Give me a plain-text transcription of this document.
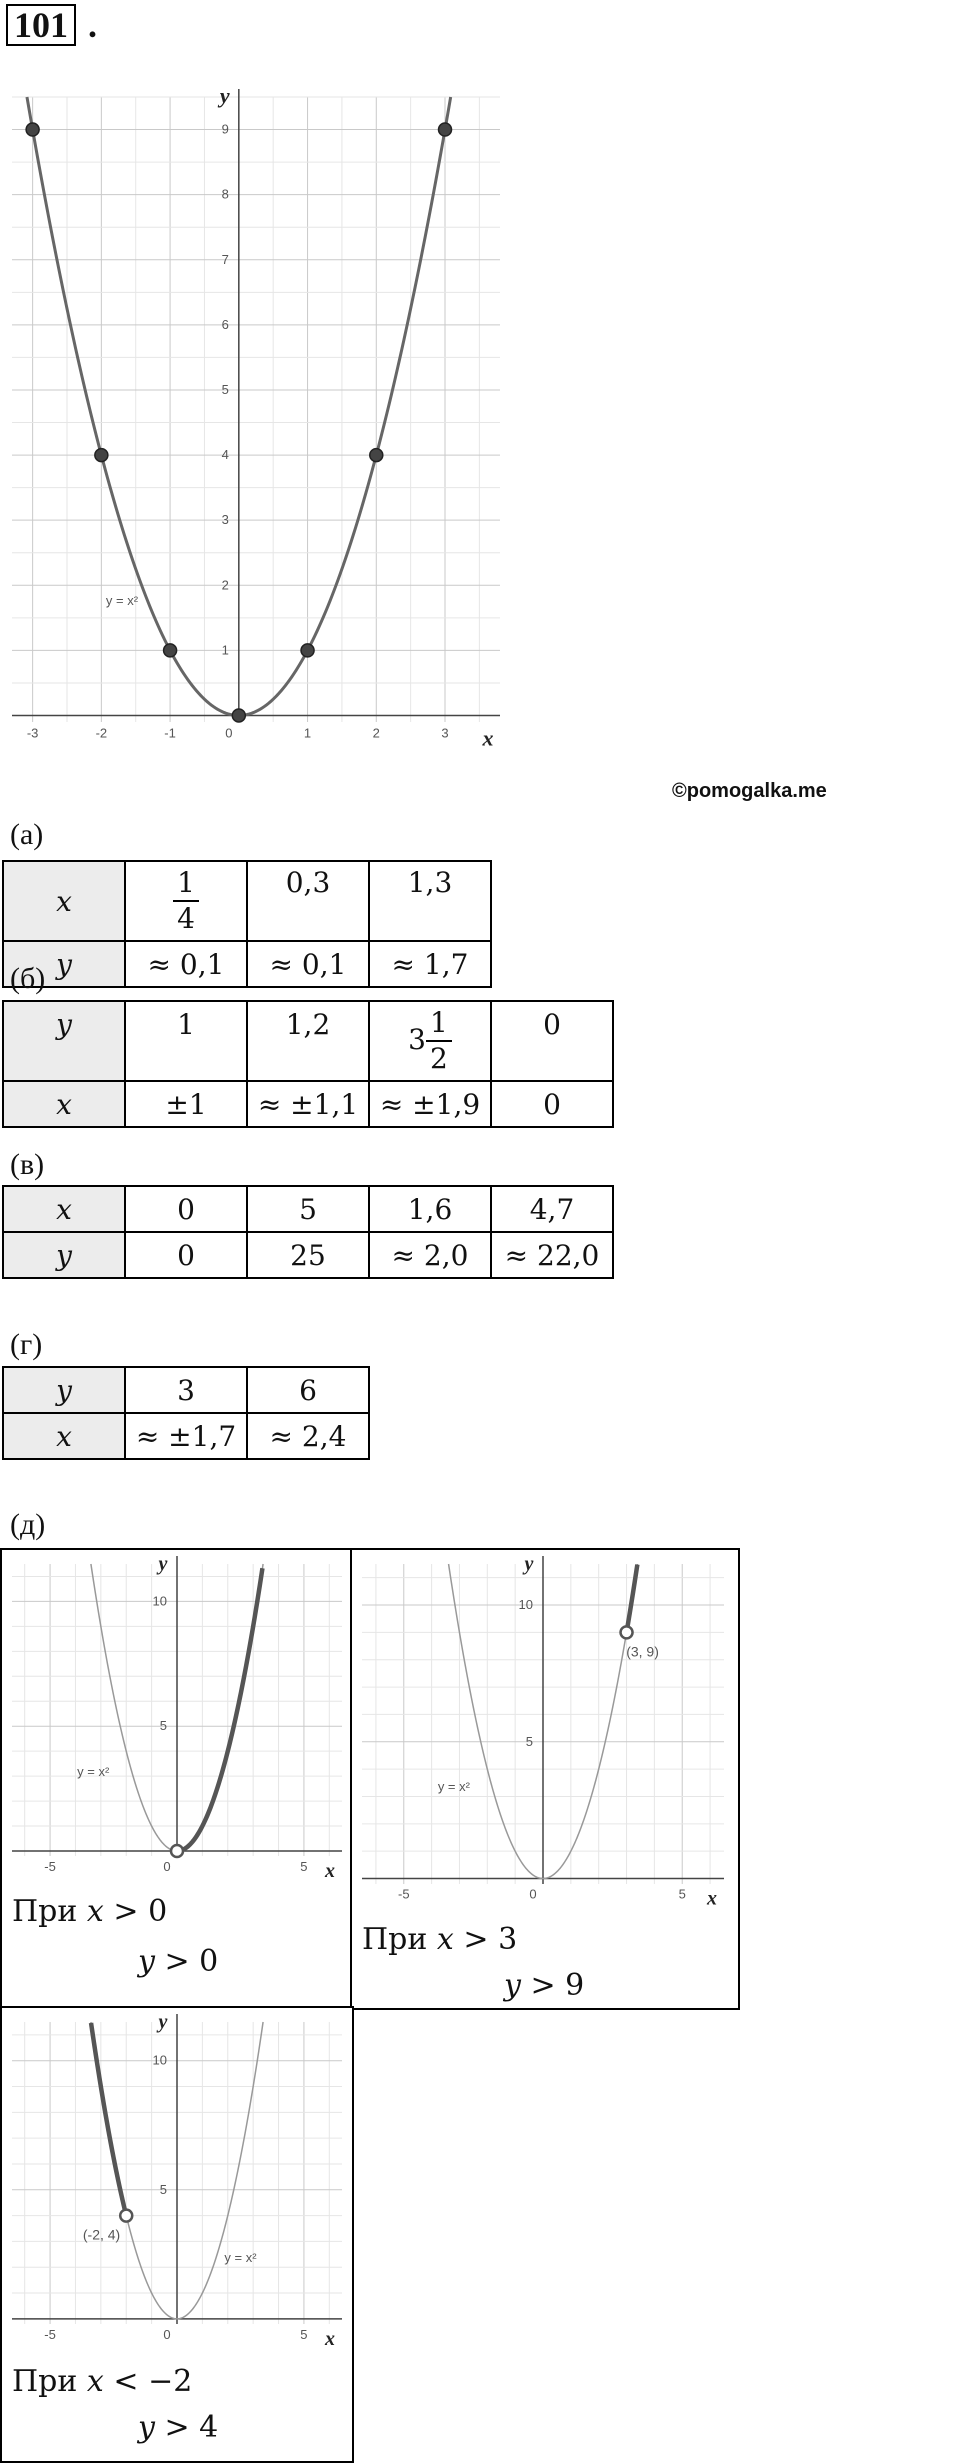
101 .
-3	-2	-1	0	1	2	3
1
2
3
4
5
6
7
8
9
x
y
y = x²
©pomogalka.me
(а)
x	$\frac{1}{4}$	0,3	1,3
y	≈ 0,1	≈ 0,1	≈ 1,7
(б)
y	1	1,2	$3 \frac{1}{2}$	0
x	±1	≈ ±1,1	≈ ±1,9	0
(в)
x	0	5	1,6	4,7
y	0	25	≈ 2,0	≈ 22,0
(г)
y	3	6
x	≈ ±1,7	≈ 2,4
(д)
-5	0	5
5
10
x
y
y = x²
При x > 0
y > 0
-5	0	5
5
10
x
y
(3, 9)
y = x²
При x > 3
y > 9
-5	0	5
5
10
x
y
(-2, 4)
y = x²
При x < −2
y > 4
